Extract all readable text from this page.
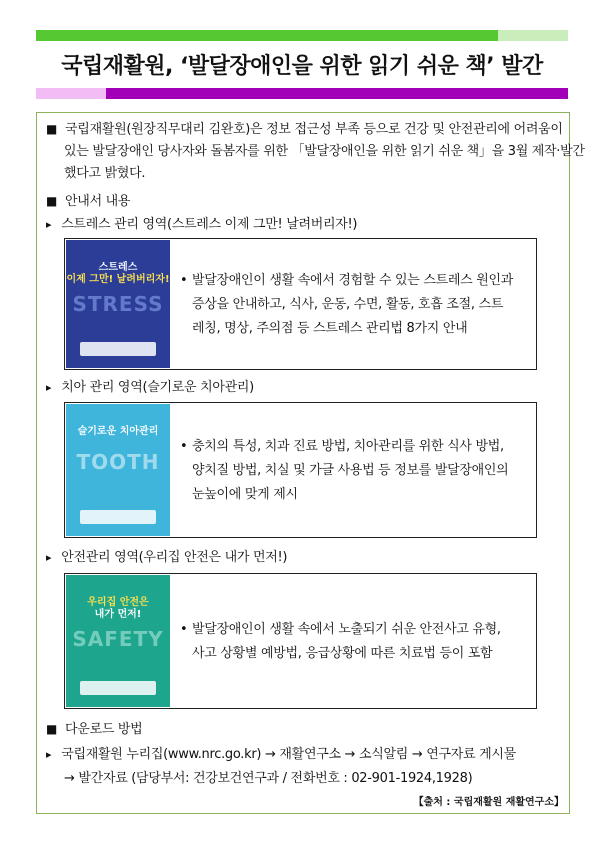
국립재활원, ‘발달장애인을 위한 읽기 쉬운 책’ 발간
■ 국립재활원(원장직무대리 김완호)은 정보 접근성 부족 등으로 건강 및 안전관리에 어려움이
있는 발달장애인 당사자와 돌봄자를 위한 「발달장애인을 위한 읽기 쉬운 책」을 3월 제작·발간
했다고 밝혔다.
■ 안내서 내용
▸ 스트레스 관리 영역(스트레스 이제 그만! 날려버리자!)
스트레스
이제 그만! 날려버리자!
STRESS
• 발달장애인이 생활 속에서 경험할 수 있는 스트레스 원인과
증상을 안내하고, 식사, 운동, 수면, 활동, 호흡 조절, 스트
레칭, 명상, 주의점 등 스트레스 관리법 8가지 안내
▸ 치아 관리 영역(슬기로운 치아관리)
슬기로운 치아관리
TOOTH
• 충치의 특성, 치과 진료 방법, 치아관리를 위한 식사 방법,
양치질 방법, 치실 및 가글 사용법 등 정보를 발달장애인의
눈높이에 맞게 제시
▸ 안전관리 영역(우리집 안전은 내가 먼저!)
우리집 안전은
내가 먼저!
SAFETY	• 발달장애인이 생활 속에서 노출되기 쉬운 안전사고 유형,
사고 상황별 예방법, 응급상황에 따른 치료법 등이 포함
■ 다운로드 방법
▸ 국립재활원 누리집(www.nrc.go.kr) → 재활연구소 → 소식알림 → 연구자료 게시물
→ 발간자료 (담당부서: 건강보건연구과 / 전화번호 : 02-901-1924,1928)
【출처 : 국립재활원 재활연구소】
